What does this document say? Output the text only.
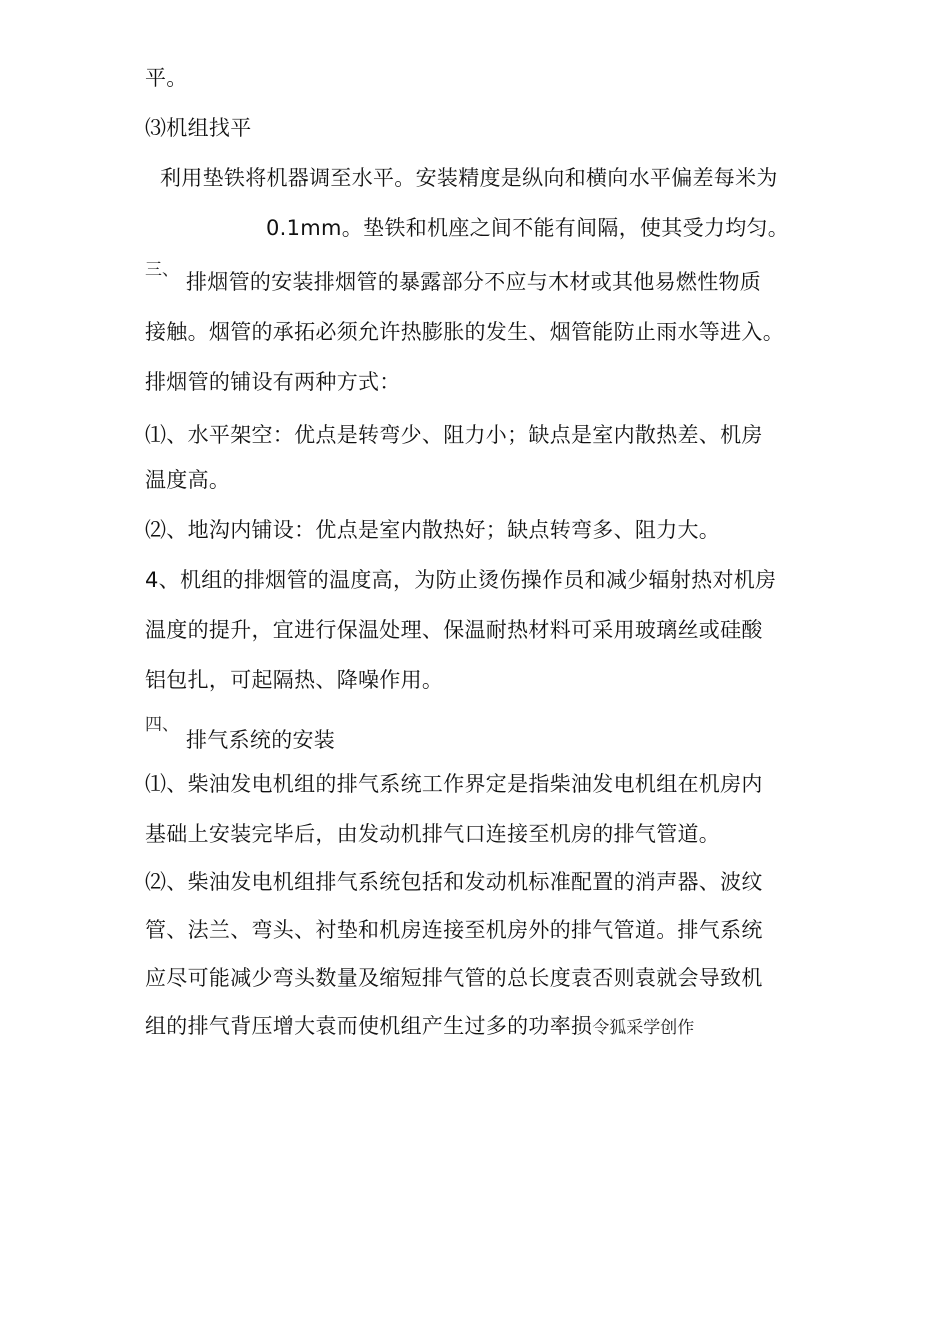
平。
⑶机组找平
利用垫铁将机器调至水平。安装精度是纵向和横向水平偏差每米为
0.1mm。垫铁和机座之间不能有间隔，使其受力均匀。
三、 排烟管的安装排烟管的暴露部分不应与木材或其他易燃性物质
接触。烟管的承拓必须允许热膨胀的发生、烟管能防止雨水等进入。
排烟管的铺设有两种方式：
⑴、水平架空：优点是转弯少、阻力小；缺点是室内散热差、机房
温度高。
⑵、地沟内铺设：优点是室内散热好；缺点转弯多、阻力大。
4、机组的排烟管的温度高，为防止烫伤操作员和减少辐射热对机房
温度的提升，宜进行保温处理、保温耐热材料可采用玻璃丝或硅酸
铝包扎，可起隔热、降噪作用。
四、
排气系统的安装
⑴、柴油发电机组的排气系统工作界定是指柴油发电机组在机房内
基础上安装完毕后，由发动机排气口连接至机房的排气管道。
⑵、柴油发电机组排气系统包括和发动机标准配置的消声器、波纹
管、法兰、弯头、衬垫和机房连接至机房外的排气管道。排气系统
应尽可能减少弯头数量及缩短排气管的总长度袁否则袁就会导致机
组的排气背压增大袁而使机组产生过多的功率损令狐采学创作
